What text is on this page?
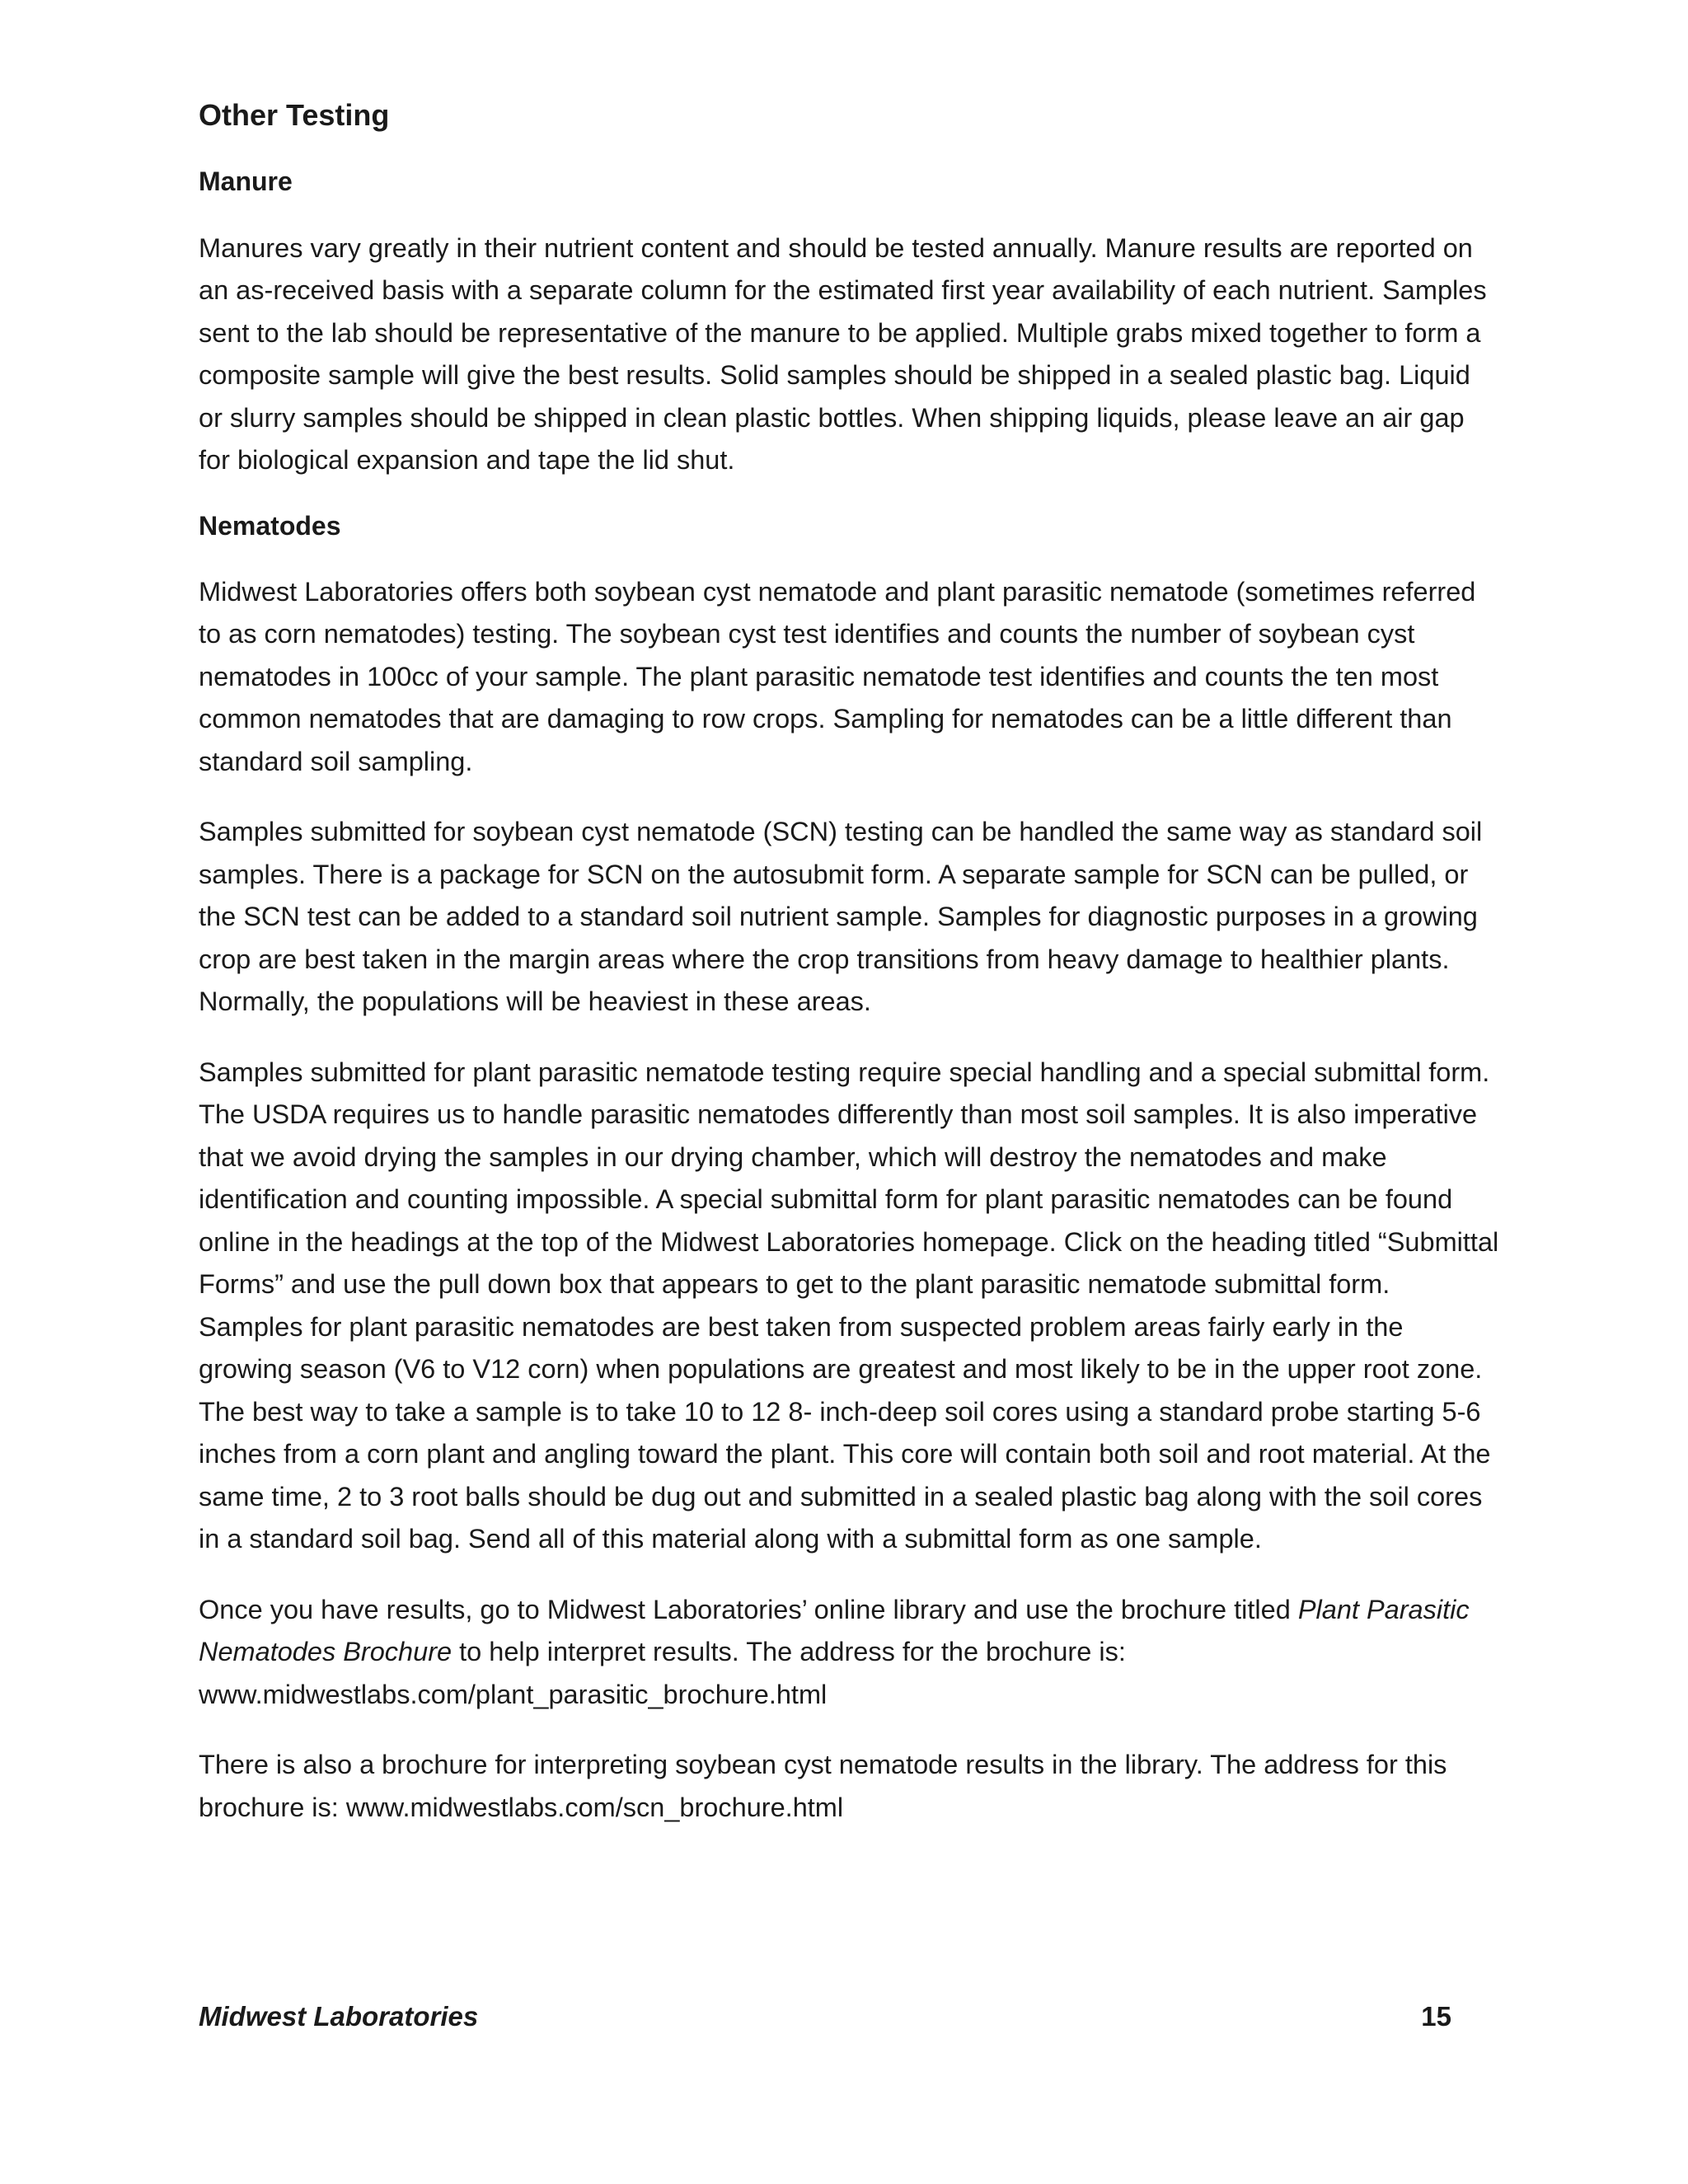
Other Testing
Manure

Manures vary greatly in their nutrient content and should be tested annually. Manure results are reported on an as-received basis with a separate column for the estimated first year availability of each nutrient. Samples sent to the lab should be representative of the manure to be applied. Multiple grabs mixed together to form a composite sample will give the best results. Solid samples should be shipped in a sealed plastic bag. Liquid or slurry samples should be shipped in clean plastic bottles. When shipping liquids, please leave an air gap for biological expansion and tape the lid shut.

Nematodes

Midwest Laboratories offers both soybean cyst nematode and plant parasitic nematode (sometimes referred to as corn nematodes) testing. The soybean cyst test identifies and counts the number of soybean cyst nematodes in 100cc of your sample. The plant parasitic nematode test identifies and counts the ten most common nematodes that are damaging to row crops. Sampling for nematodes can be a little different than standard soil sampling.

Samples submitted for soybean cyst nematode (SCN) testing can be handled the same way as standard soil samples. There is a package for SCN on the autosubmit form. A separate sample for SCN can be pulled, or the SCN test can be added to a standard soil nutrient sample. Samples for diagnostic purposes in a growing crop are best taken in the margin areas where the crop transitions from heavy damage to healthier plants. Normally, the populations will be heaviest in these areas.

Samples submitted for plant parasitic nematode testing require special handling and a special submittal form. The USDA requires us to handle parasitic nematodes differently than most soil samples. It is also imperative that we avoid drying the samples in our drying chamber, which will destroy the nematodes and make identification and counting impossible. A special submittal form for plant parasitic nematodes can be found online in the headings at the top of the Midwest Laboratories homepage. Click on the heading titled “Submittal Forms” and use the pull down box that appears to get to the plant parasitic nematode submittal form. Samples for plant parasitic nematodes are best taken from suspected problem areas fairly early in the growing season (V6 to V12 corn) when populations are greatest and most likely to be in the upper root zone. The best way to take a sample is to take 10 to 12 8- inch-deep soil cores using a standard probe starting 5-6 inches from a corn plant and angling toward the plant. This core will contain both soil and root material. At the same time, 2 to 3 root balls should be dug out and submitted in a sealed plastic bag along with the soil cores in a standard soil bag. Send all of this material along with a submittal form as one sample.

Once you have results, go to Midwest Laboratories’ online library and use the brochure titled Plant Parasitic Nematodes Brochure to help interpret results. The address for the brochure is: www.midwestlabs.com/plant_parasitic_brochure.html

There is also a brochure for interpreting soybean cyst nematode results in the library. The address for this brochure is: www.midwestlabs.com/scn_brochure.html

Midwest Laboratories	15
